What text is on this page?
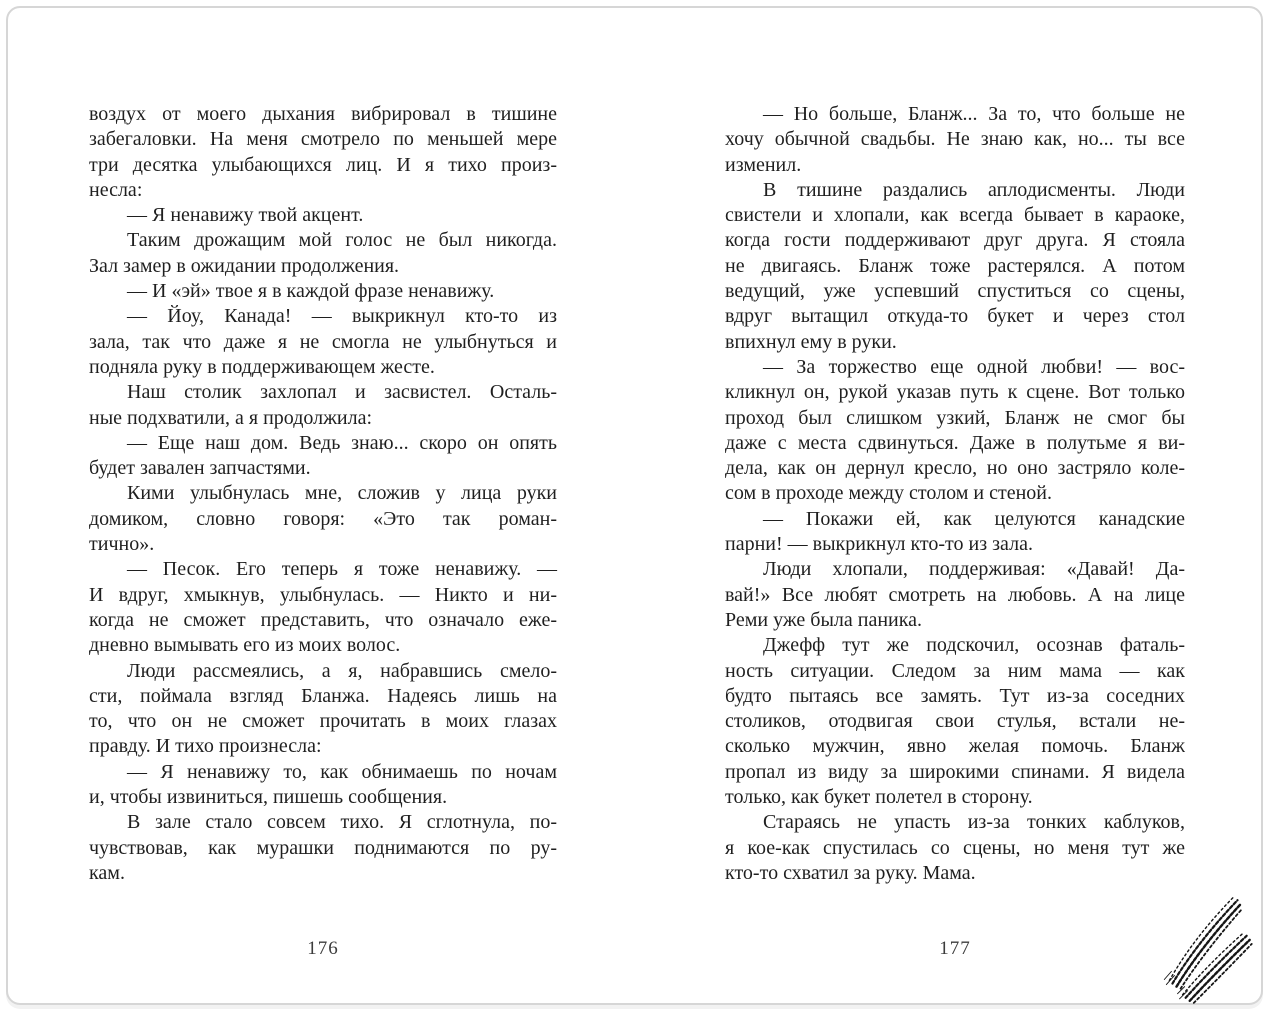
воздух от моего дыхания вибрировал в тишине
забегаловки. На меня смотрело по меньшей мере
три десятка улыбающихся лиц. И я тихо произ-
несла:
— Я ненавижу твой акцент.
Таким дрожащим мой голос не был никогда.
Зал замер в ожидании продолжения.
— И «эй» твое я в каждой фразе ненавижу.
— Йоу, Канада! — выкрикнул кто-то из
зала, так что даже я не смогла не улыбнуться и
подняла руку в поддерживающем жесте.
Наш столик захлопал и засвистел. Осталь-
ные подхватили, а я продолжила:
— Еще наш дом. Ведь знаю... скоро он опять
будет завален запчастями.
Кими улыбнулась мне, сложив у лица руки
домиком, словно говоря: «Это так роман-
тично».
— Песок. Его теперь я тоже ненавижу. —
И вдруг, хмыкнув, улыбнулась. — Никто и ни-
когда не сможет представить, что означало еже-
дневно вымывать его из моих волос.
Люди рассмеялись, а я, набравшись смело-
сти, поймала взгляд Бланжа. Надеясь лишь на
то, что он не сможет прочитать в моих глазах
правду. И тихо произнесла:
— Я ненавижу то, как обнимаешь по ночам
и, чтобы извиниться, пишешь сообщения.
В зале стало совсем тихо. Я сглотнула, по-
чувствовав, как мурашки поднимаются по ру-
кам.
— Но больше, Бланж... За то, что больше не
хочу обычной свадьбы. Не знаю как, но... ты все
изменил.
В тишине раздались аплодисменты. Люди
свистели и хлопали, как всегда бывает в караоке,
когда гости поддерживают друг друга. Я стояла
не двигаясь. Бланж тоже растерялся. А потом
ведущий, уже успевший спуститься со сцены,
вдруг вытащил откуда-то букет и через стол
впихнул ему в руки.
— За торжество еще одной любви! — вос-
кликнул он, рукой указав путь к сцене. Вот только
проход был слишком узкий, Бланж не смог бы
даже с места сдвинуться. Даже в полутьме я ви-
дела, как он дернул кресло, но оно застряло коле-
сом в проходе между столом и стеной.
— Покажи ей, как целуются канадские
парни! — выкрикнул кто-то из зала.
Люди хлопали, поддерживая: «Давай! Да-
вай!» Все любят смотреть на любовь. А на лице
Реми уже была паника.
Джефф тут же подскочил, осознав фаталь-
ность ситуации. Следом за ним мама — как
будто пытаясь все замять. Тут из-за соседних
столиков, отодвигая свои стулья, встали не-
сколько мужчин, явно желая помочь. Бланж
пропал из виду за широкими спинами. Я видела
только, как букет полетел в сторону.
Стараясь не упасть из-за тонких каблуков,
я кое-как спустилась со сцены, но меня тут же
кто-то схватил за руку. Мама.
176	177
